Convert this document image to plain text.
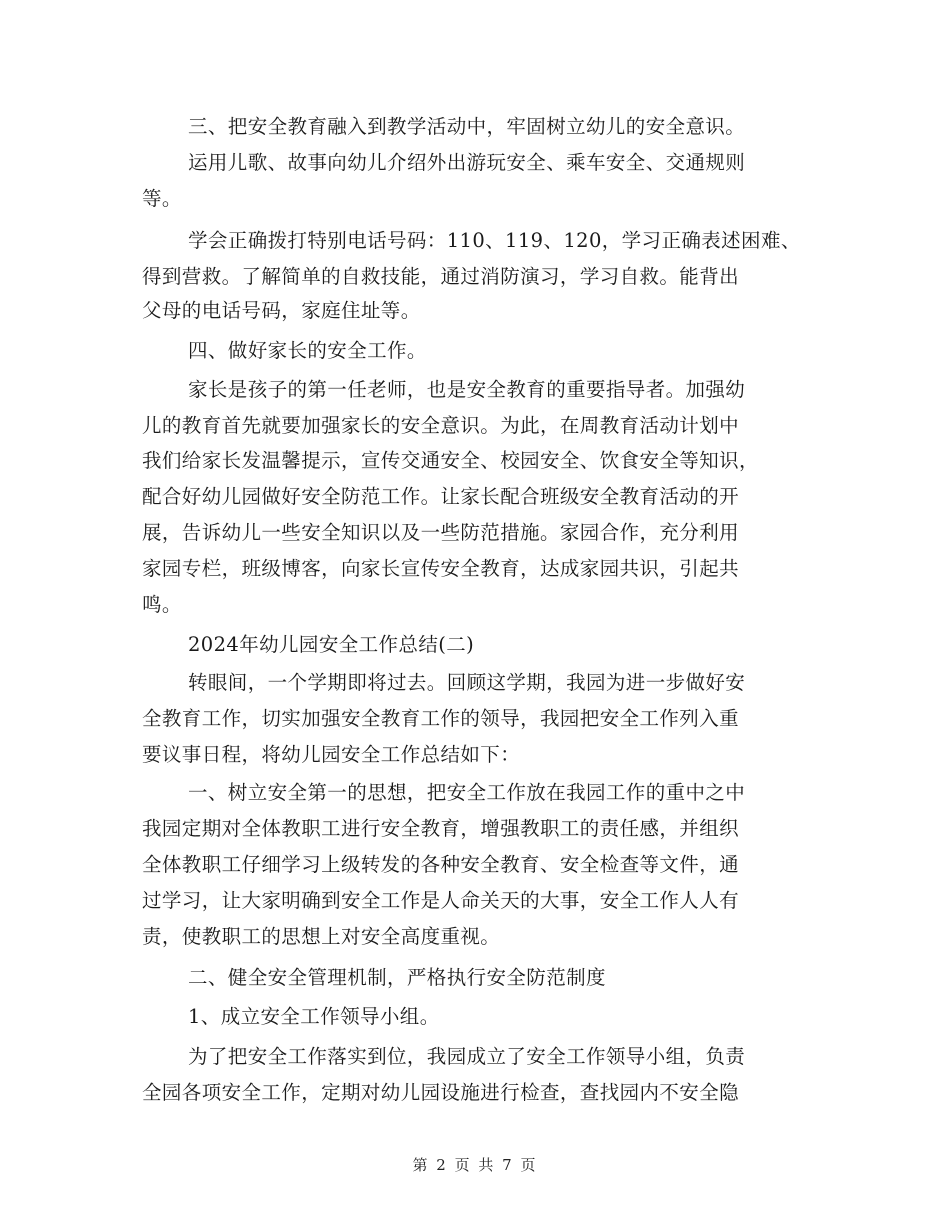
三、把安全教育融入到教学活动中，牢固树立幼儿的安全意识。
运用儿歌、故事向幼儿介绍外出游玩安全、乘车安全、交通规则
等。
学会正确拨打特别电话号码：110、119、120，学习正确表述困难、
得到营救。了解简单的自救技能，通过消防演习，学习自救。能背出
父母的电话号码，家庭住址等。
四、做好家长的安全工作。
家长是孩子的第一任老师，也是安全教育的重要指导者。加强幼
儿的教育首先就要加强家长的安全意识。为此，在周教育活动计划中
我们给家长发温馨提示，宣传交通安全、校园安全、饮食安全等知识，
配合好幼儿园做好安全防范工作。让家长配合班级安全教育活动的开
展，告诉幼儿一些安全知识以及一些防范措施。家园合作，充分利用
家园专栏，班级博客，向家长宣传安全教育，达成家园共识，引起共
鸣。
2024年幼儿园安全工作总结(二)
转眼间，一个学期即将过去。回顾这学期，我园为进一步做好安
全教育工作，切实加强安全教育工作的领导，我园把安全工作列入重
要议事日程，将幼儿园安全工作总结如下：
一、树立安全第一的思想，把安全工作放在我园工作的重中之中
我园定期对全体教职工进行安全教育，增强教职工的责任感，并组织
全体教职工仔细学习上级转发的各种安全教育、安全检查等文件，通
过学习，让大家明确到安全工作是人命关天的大事，安全工作人人有
责，使教职工的思想上对安全高度重视。
二、健全安全管理机制，严格执行安全防范制度
1、成立安全工作领导小组。
为了把安全工作落实到位，我园成立了安全工作领导小组，负责
全园各项安全工作，定期对幼儿园设施进行检查，查找园内不安全隐
第 2 页 共 7 页
